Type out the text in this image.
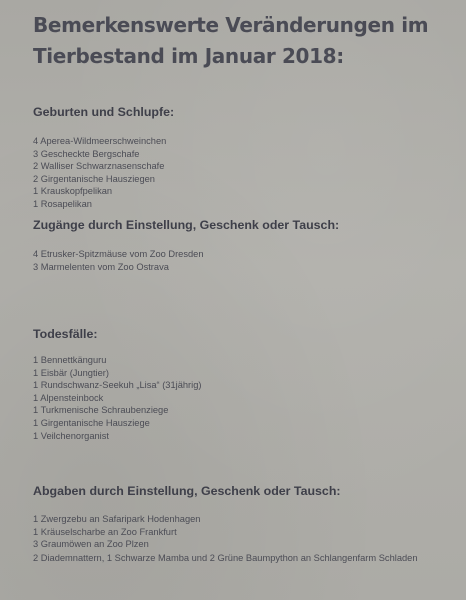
Bemerkenswerte Veränderungen im
Tierbestand im Januar 2018:
Geburten und Schlupfe:
4 Aperea-Wildmeerschweinchen
3 Gescheckte Bergschafe
2 Walliser Schwarznasenschafe
2 Girgentanische Hausziegen
1 Krauskopfpelikan
1 Rosapelikan
Zugänge durch Einstellung, Geschenk oder Tausch:
4 Etrusker-Spitzmäuse vom Zoo Dresden
3 Marmelenten vom Zoo Ostrava
Todesfälle:
1 Bennettkänguru
1 Eisbär (Jungtier)
1 Rundschwanz-Seekuh „Lisa“ (31jährig)
1 Alpensteinbock
1 Turkmenische Schraubenziege
1 Girgentanische Hausziege
1 Veilchenorganist
Abgaben durch Einstellung, Geschenk oder Tausch:
1 Zwergzebu an Safaripark Hodenhagen
1 Kräuselscharbe an Zoo Frankfurt
3 Graumöwen an Zoo Plzen
2 Diademnattern, 1 Schwarze Mamba und 2 Grüne Baumpython an Schlangenfarm Schladen
